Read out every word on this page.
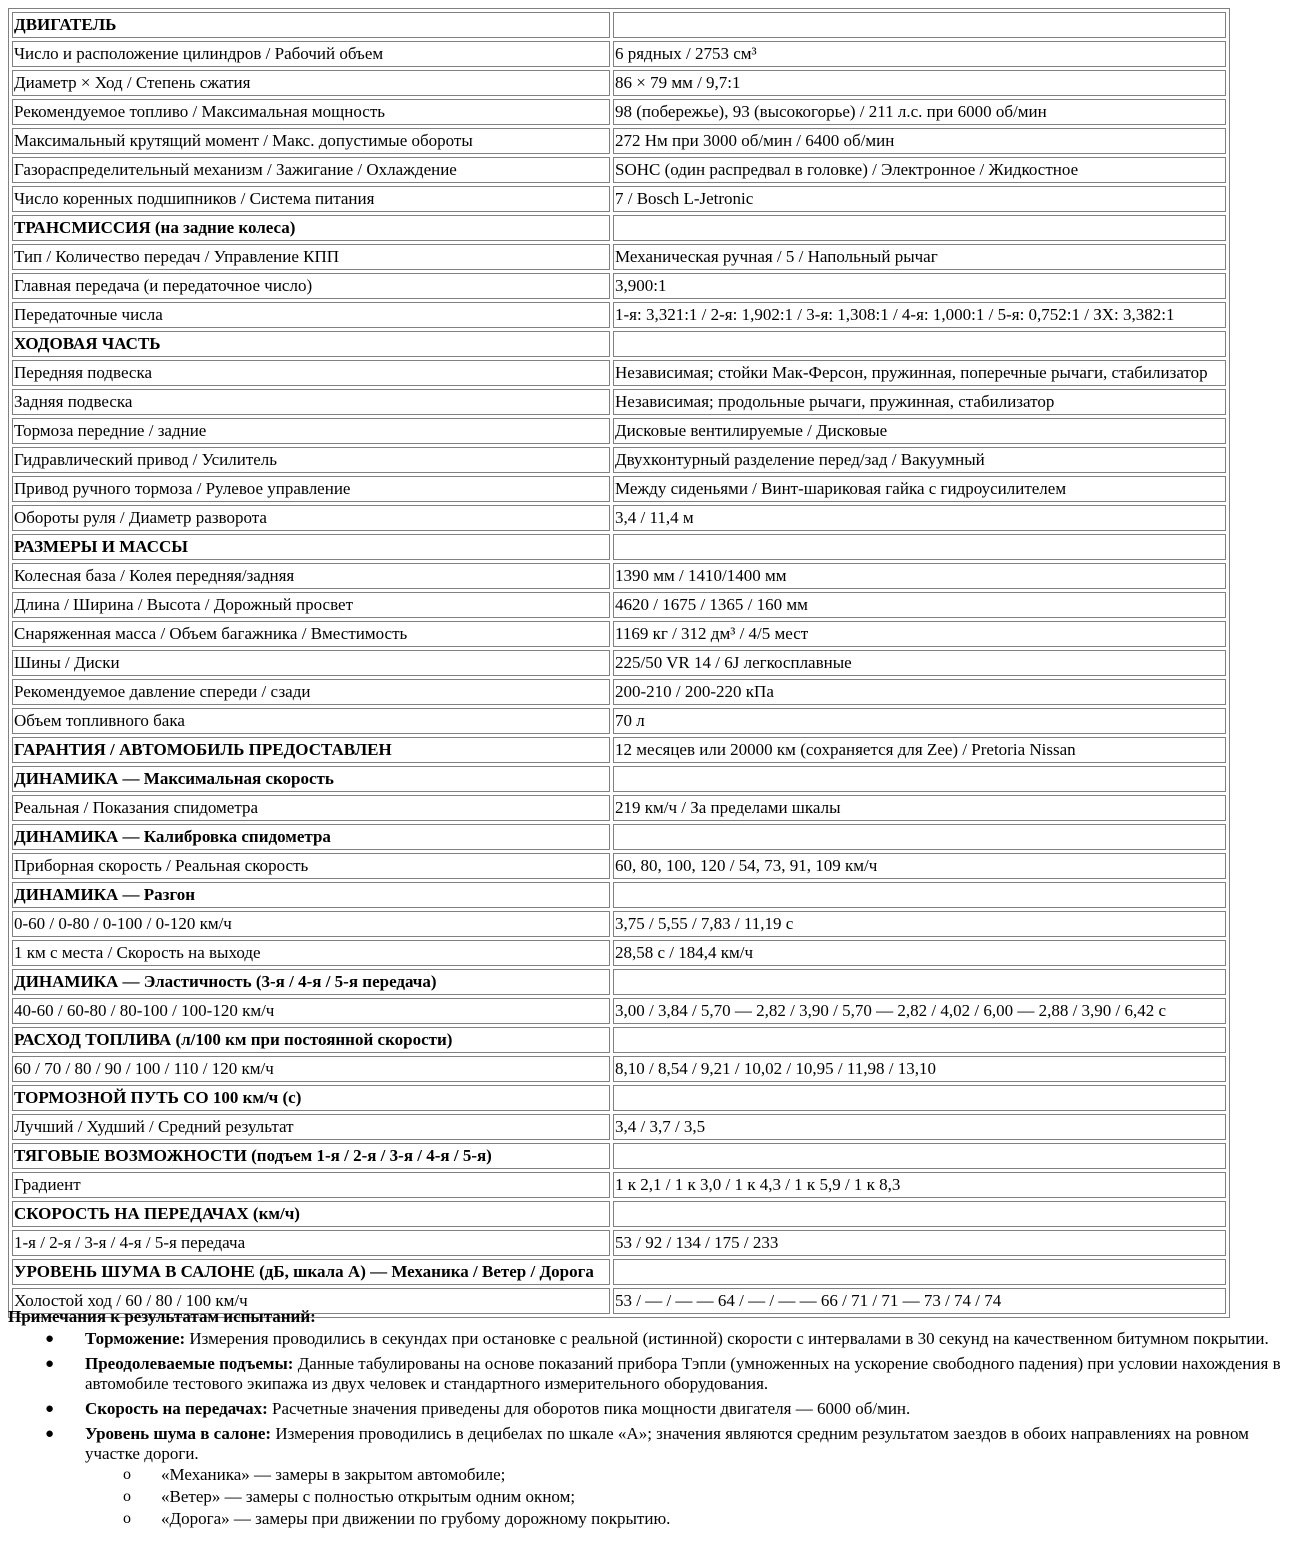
ДВИГАТЕЛЬ	
Число и расположение цилиндров / Рабочий объем	6 рядных / 2753 см³
Диаметр × Ход / Степень сжатия	86 × 79 мм / 9,7:1
Рекомендуемое топливо / Максимальная мощность	98 (побережье), 93 (высокогорье) / 211 л.с. при 6000 об/мин
Максимальный крутящий момент / Макс. допустимые обороты	272 Нм при 3000 об/мин / 6400 об/мин
Газораспределительный механизм / Зажигание / Охлаждение	SOHC (один распредвал в головке) / Электронное / Жидкостное
Число коренных подшипников / Система питания	7 / Bosch L-Jetronic
ТРАНСМИССИЯ (на задние колеса)	
Тип / Количество передач / Управление КПП	Механическая ручная / 5 / Напольный рычаг
Главная передача (и передаточное число)	3,900:1
Передаточные числа	1-я: 3,321:1 / 2-я: 1,902:1 / 3-я: 1,308:1 / 4-я: 1,000:1 / 5-я: 0,752:1 / ЗХ: 3,382:1
ХОДОВАЯ ЧАСТЬ	
Передняя подвеска	Независимая; стойки Мак-Ферсон, пружинная, поперечные рычаги, стабилизатор
Задняя подвеска	Независимая; продольные рычаги, пружинная, стабилизатор
Тормоза передние / задние	Дисковые вентилируемые / Дисковые
Гидравлический привод / Усилитель	Двухконтурный разделение перед/зад / Вакуумный
Привод ручного тормоза / Рулевое управление	Между сиденьями / Винт-шариковая гайка с гидроусилителем
Обороты руля / Диаметр разворота	3,4 / 11,4 м
РАЗМЕРЫ И МАССЫ	
Колесная база / Колея передняя/задняя	1390 мм / 1410/1400 мм
Длина / Ширина / Высота / Дорожный просвет	4620 / 1675 / 1365 / 160 мм
Снаряженная масса / Объем багажника / Вместимость	1169 кг / 312 дм³ / 4/5 мест
Шины / Диски	225/50 VR 14 / 6J легкосплавные
Рекомендуемое давление спереди / сзади	200-210 / 200-220 кПа
Объем топливного бака	70 л
ГАРАНТИЯ / АВТОМОБИЛЬ ПРЕДОСТАВЛЕН	12 месяцев или 20000 км (сохраняется для Zee) / Pretoria Nissan
ДИНАМИКА — Максимальная скорость	
Реальная / Показания спидометра	219 км/ч / За пределами шкалы
ДИНАМИКА — Калибровка спидометра	
Приборная скорость / Реальная скорость	60, 80, 100, 120 / 54, 73, 91, 109 км/ч
ДИНАМИКА — Разгон	
0-60 / 0-80 / 0-100 / 0-120 км/ч	3,75 / 5,55 / 7,83 / 11,19 с
1 км с места / Скорость на выходе	28,58 с / 184,4 км/ч
ДИНАМИКА — Эластичность (3-я / 4-я / 5-я передача)	
40-60 / 60-80 / 80-100 / 100-120 км/ч	3,00 / 3,84 / 5,70 — 2,82 / 3,90 / 5,70 — 2,82 / 4,02 / 6,00 — 2,88 / 3,90 / 6,42 с
РАСХОД ТОПЛИВА (л/100 км при постоянной скорости)	
60 / 70 / 80 / 90 / 100 / 110 / 120 км/ч	8,10 / 8,54 / 9,21 / 10,02 / 10,95 / 11,98 / 13,10
ТОРМОЗНОЙ ПУТЬ СО 100 км/ч (с)	
Лучший / Худший / Средний результат	3,4 / 3,7 / 3,5
ТЯГОВЫЕ ВОЗМОЖНОСТИ (подъем 1-я / 2-я / 3-я / 4-я / 5-я)	
Градиент	1 к 2,1 / 1 к 3,0 / 1 к 4,3 / 1 к 5,9 / 1 к 8,3
СКОРОСТЬ НА ПЕРЕДАЧАХ (км/ч)	
1-я / 2-я / 3-я / 4-я / 5-я передача	53 / 92 / 134 / 175 / 233
УРОВЕНЬ ШУМА В САЛОНЕ (дБ, шкала А) — Механика / Ветер / Дорога	
Холостой ход / 60 / 80 / 100 км/ч	53 / — / — — 64 / — / — — 66 / 71 / 71 — 73 / 74 / 74

Примечания к результатам испытаний:

● Торможение: Измерения проводились в секундах при остановке с реальной (истинной) скорости с интервалами в 30 секунд на качественном битумном покрытии.
● Преодолеваемые подъемы: Данные табулированы на основе показаний прибора Тэпли (умноженных на ускорение свободного падения) при условии нахождения в автомобиле тестового экипажа из двух человек и стандартного измерительного оборудования.
● Скорость на передачах: Расчетные значения приведены для оборотов пика мощности двигателя — 6000 об/мин.
● Уровень шума в салоне: Измерения проводились в децибелах по шкале «А»; значения являются средним результатом заездов в обоих направлениях на ровном участке дороги.
o «Механика» — замеры в закрытом автомобиле;
o «Ветер» — замеры с полностью открытым одним окном;
o «Дорога» — замеры при движении по грубому дорожному покрытию.
